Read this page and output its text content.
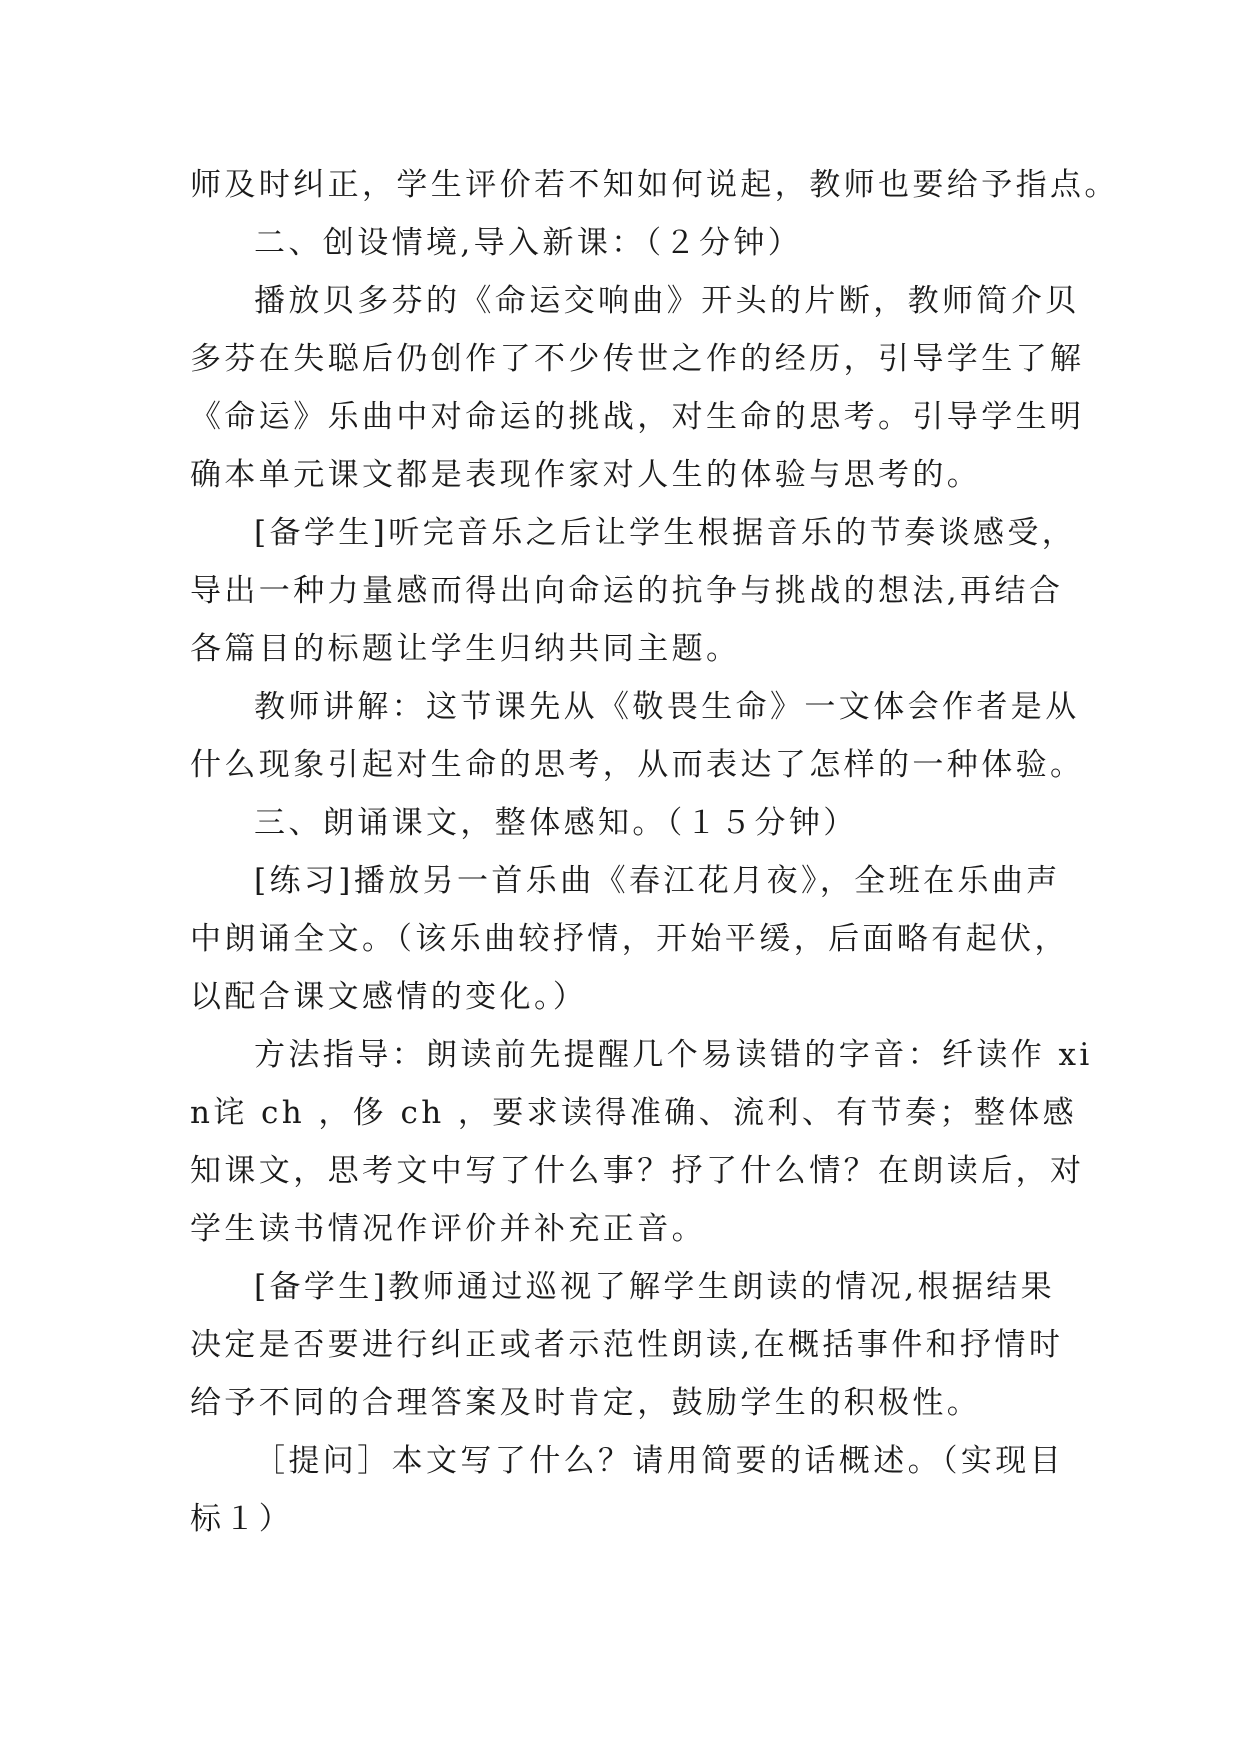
师及时纠正，学生评价若不知如何说起，教师也要给予指点。
二、创设情境,导入新课：（２分钟）
播放贝多芬的《命运交响曲》开头的片断，教师简介贝
多芬在失聪后仍创作了不少传世之作的经历，引导学生了解
《命运》乐曲中对命运的挑战，对生命的思考。引导学生明
确本单元课文都是表现作家对人生的体验与思考的。
[备学生]听完音乐之后让学生根据音乐的节奏谈感受，
导出一种力量感而得出向命运的抗争与挑战的想法,再结合
各篇目的标题让学生归纳共同主题。
教师讲解：这节课先从《敬畏生命》一文体会作者是从
什么现象引起对生命的思考，从而表达了怎样的一种体验。
三、朗诵课文，整体感知。（１５分钟）
[练习]播放另一首乐曲《春江花月夜》，全班在乐曲声
中朗诵全文。（该乐曲较抒情，开始平缓，后面略有起伏，
以配合课文感情的变化。）
方法指导：朗读前先提醒几个易读错的字音：纤读作 xi
n诧 ch ，侈 ch ，要求读得准确、流利、有节奏；整体感
知课文，思考文中写了什么事？抒了什么情？在朗读后，对
学生读书情况作评价并补充正音。
[备学生]教师通过巡视了解学生朗读的情况,根据结果
决定是否要进行纠正或者示范性朗读,在概括事件和抒情时
给予不同的合理答案及时肯定，鼓励学生的积极性。
［提问］本文写了什么？请用简要的话概述。（实现目
标１）
